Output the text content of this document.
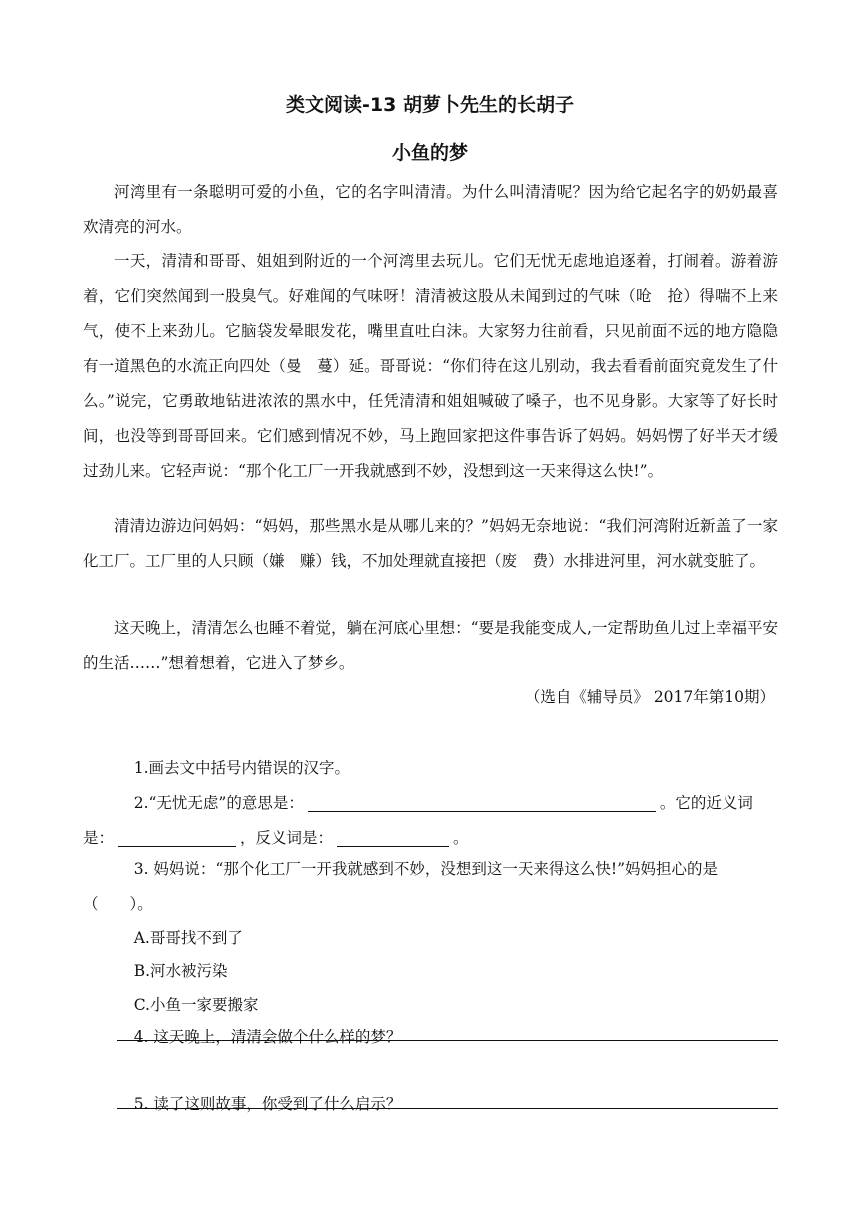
类文阅读-13 胡萝卜先生的长胡子
小鱼的梦
河湾里有一条聪明可爱的小鱼，它的名字叫清清。为什么叫清清呢？因为给它起名字的奶奶最喜欢清亮的河水。
一天，清清和哥哥、姐姐到附近的一个河湾里去玩儿。它们无忧无虑地追逐着，打闹着。游着游着，它们突然闻到一股臭气。好难闻的气味呀！清清被这股从未闻到过的气味（呛　抢）得喘不上来气，使不上来劲儿。它脑袋发晕眼发花，嘴里直吐白沫。大家努力往前看，只见前面不远的地方隐隐有一道黑色的水流正向四处（曼　蔓）延。哥哥说：“你们待在这儿别动，我去看看前面究竟发生了什么。”说完，它勇敢地钻进浓浓的黑水中，任凭清清和姐姐喊破了嗓子，也不见身影。大家等了好长时间，也没等到哥哥回来。它们感到情况不妙，马上跑回家把这件事告诉了妈妈。妈妈愣了好半天才缓过劲儿来。它轻声说：“那个化工厂一开我就感到不妙，没想到这一天来得这么快!”。
清清边游边问妈妈：“妈妈，那些黑水是从哪儿来的？”妈妈无奈地说：“我们河湾附近新盖了一家化工厂。工厂里的人只顾（嫌　赚）钱，不加处理就直接把（废　费）水排进河里，河水就变脏了。
这天晚上，清清怎么也睡不着觉，躺在河底心里想：“要是我能变成人,一定帮助鱼儿过上幸福平安的生活……”想着想着，它进入了梦乡。
（选自《辅导员》 2017年第10期）

1.画去文中括号内错误的汉字。

2.“无忧无虑”的意思是：	。它的近义词
是：	，反义词是：	。

3. 妈妈说：“那个化工厂一开我就感到不妙，没想到这一天来得这么快!”妈妈担心的是（　　）。

A.哥哥找不到了

B.河水被污染

C.小鱼一家要搬家

4. 这天晚上，清清会做个什么样的梦？

5. 读了这则故事，你受到了什么启示？
